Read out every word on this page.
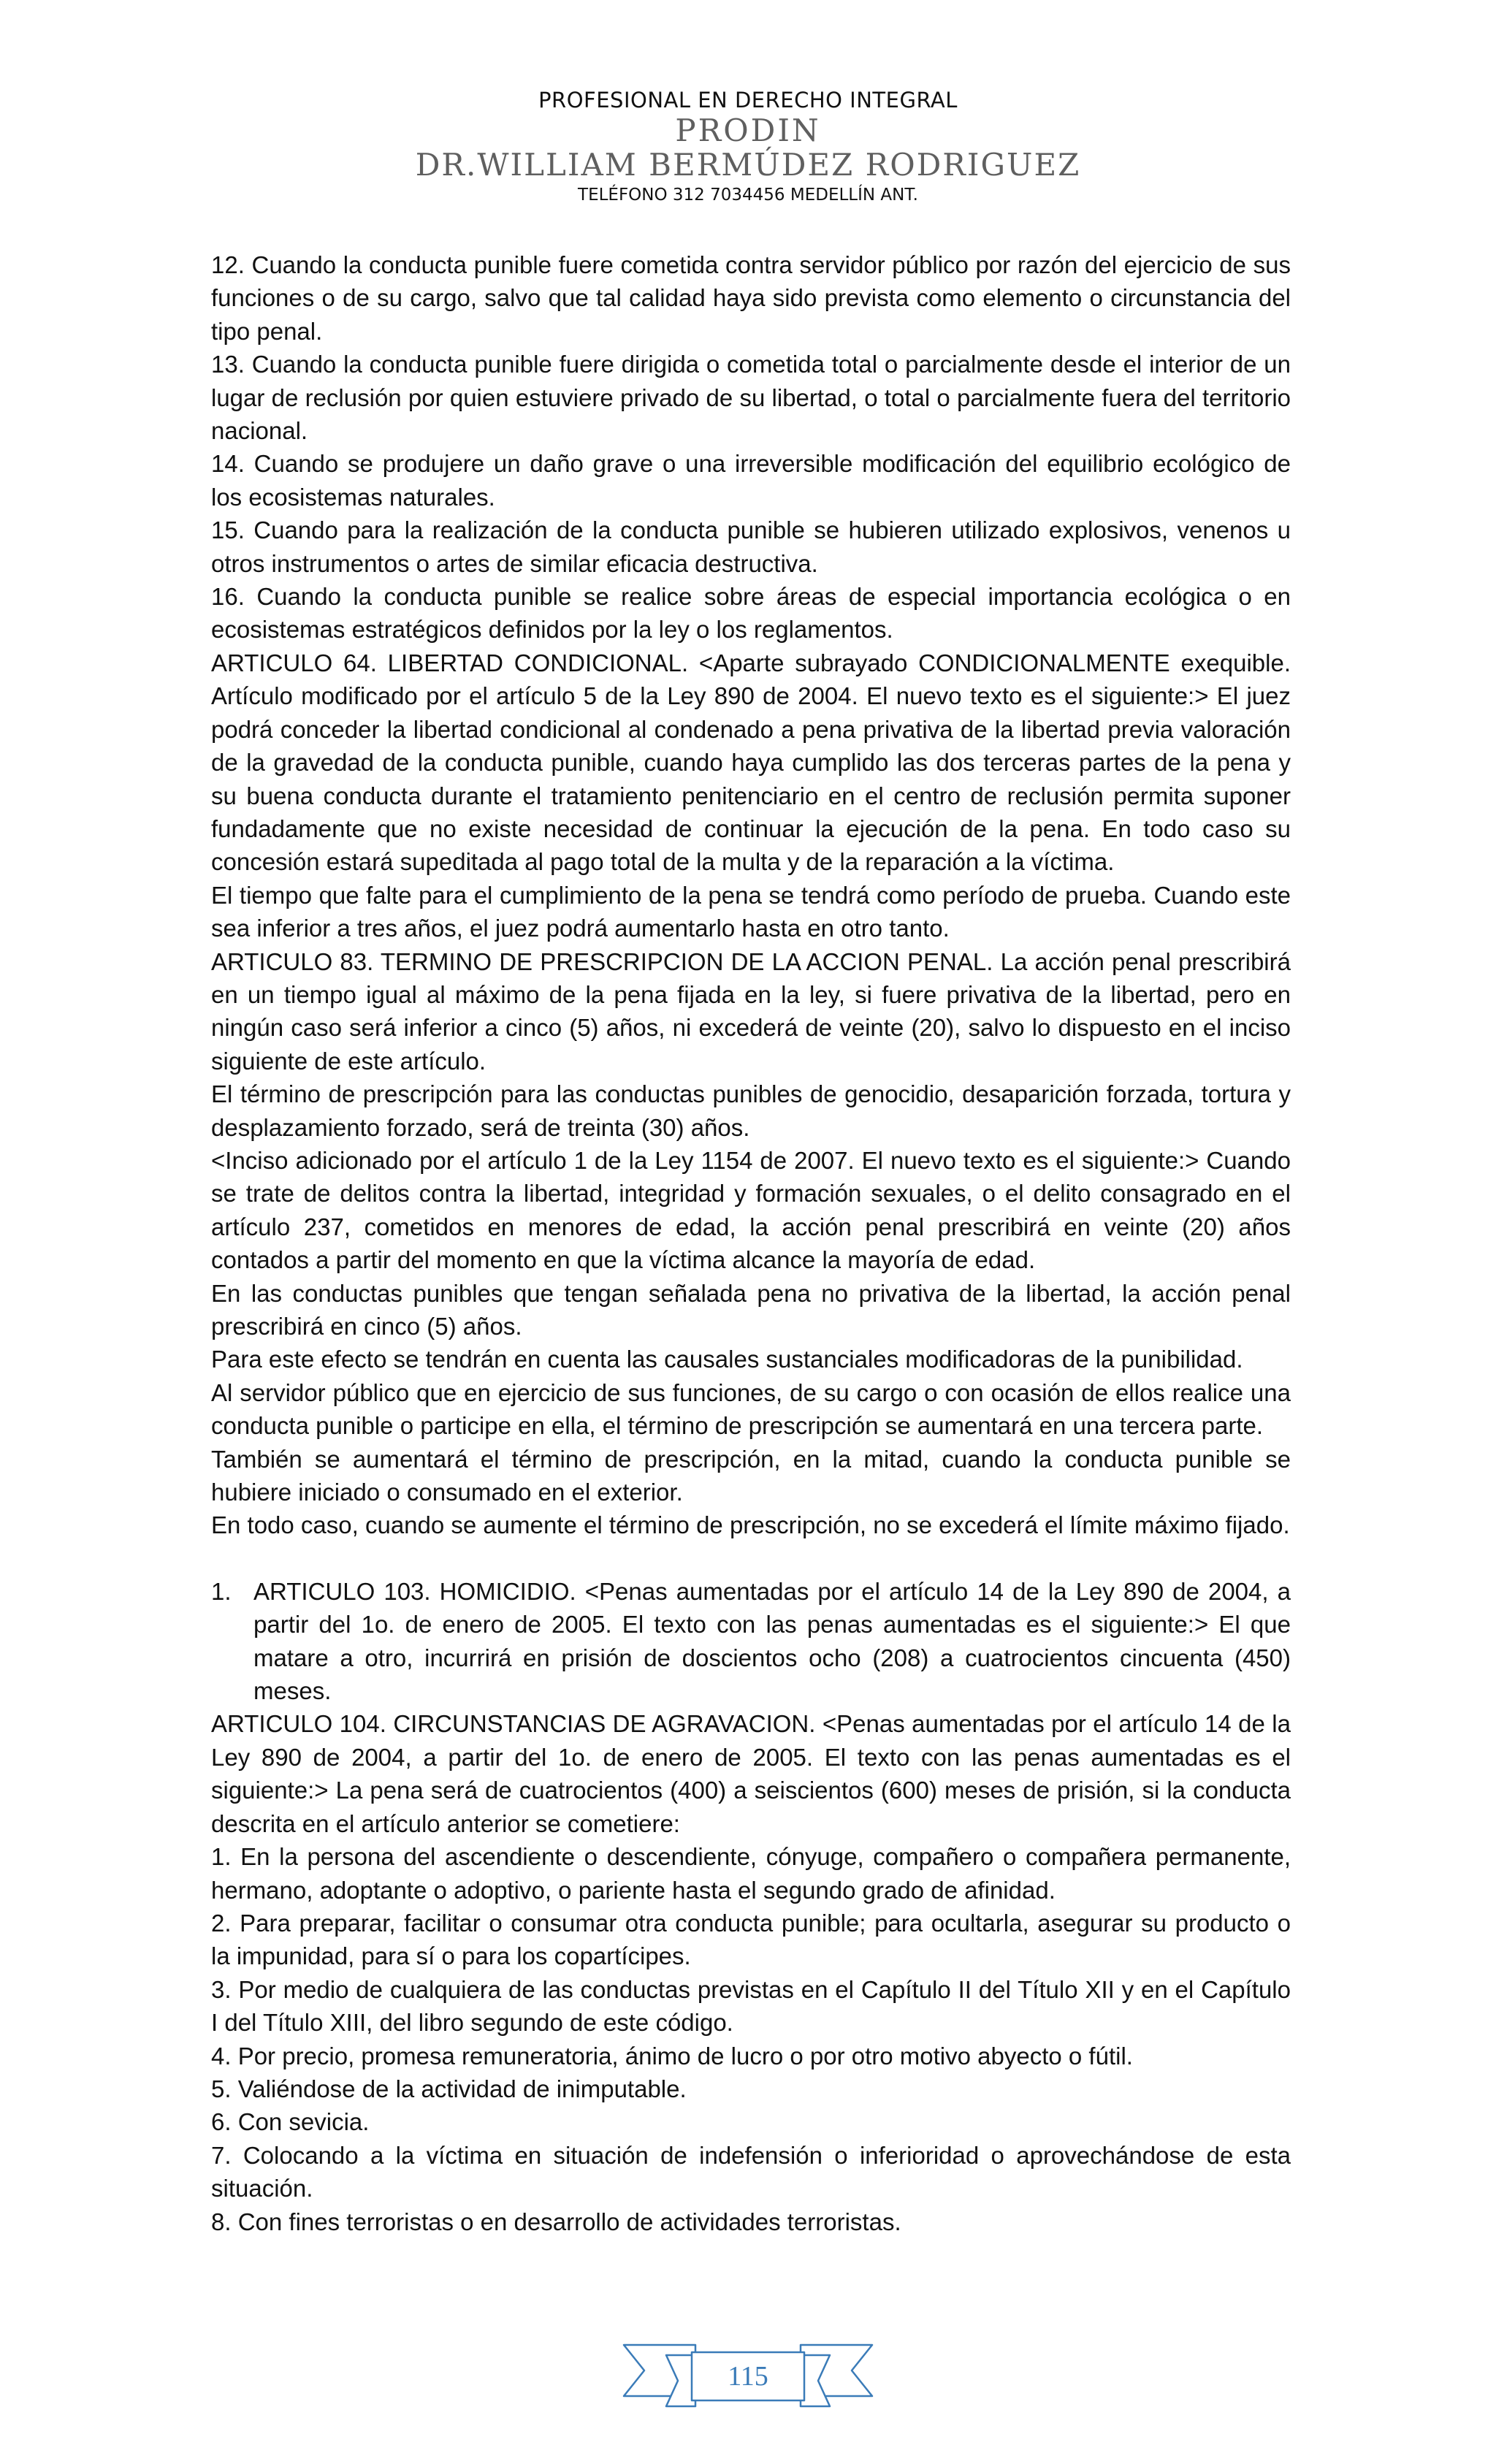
PROFESIONAL EN DERECHO INTEGRAL
PRODIN
DR.WILLIAM BERMÚDEZ RODRIGUEZ
TELÉFONO 312 7034456 MEDELLÍN ANT.

12. Cuando la conducta punible fuere cometida contra servidor público por razón del ejercicio de sus funciones o de su cargo, salvo que tal calidad haya sido prevista como elemento o circunstancia del tipo penal.

13. Cuando la conducta punible fuere dirigida o cometida total o parcialmente desde el interior de un lugar de reclusión por quien estuviere privado de su libertad, o total o parcialmente fuera del territorio nacional.

14. Cuando se produjere un daño grave o una irreversible modificación del equilibrio ecológico de los ecosistemas naturales.

15. Cuando para la realización de la conducta punible se hubieren utilizado explosivos, venenos u otros instrumentos o artes de similar eficacia destructiva.

16. Cuando la conducta punible se realice sobre áreas de especial importancia ecológica o en ecosistemas estratégicos definidos por la ley o los reglamentos.

ARTICULO 64. LIBERTAD CONDICIONAL. <Aparte subrayado CONDICIONALMENTE exequible. Artículo modificado por el artículo 5 de la Ley 890 de 2004. El nuevo texto es el siguiente:> El juez podrá conceder la libertad condicional al condenado a pena privativa de la libertad previa valoración de la gravedad de la conducta punible, cuando haya cumplido las dos terceras partes de la pena y su buena conducta durante el tratamiento penitenciario en el centro de reclusión permita suponer fundadamente que no existe necesidad de continuar la ejecución de la pena. En todo caso su concesión estará supeditada al pago total de la multa y de la reparación a la víctima.

El tiempo que falte para el cumplimiento de la pena se tendrá como período de prueba. Cuando este sea inferior a tres años, el juez podrá aumentarlo hasta en otro tanto.

ARTICULO 83. TERMINO DE PRESCRIPCION DE LA ACCION PENAL. La acción penal prescribirá en un tiempo igual al máximo de la pena fijada en la ley, si fuere privativa de la libertad, pero en ningún caso será inferior a cinco (5) años, ni excederá de veinte (20), salvo lo dispuesto en el inciso siguiente de este artículo.

El término de prescripción para las conductas punibles de genocidio, desaparición forzada, tortura y desplazamiento forzado, será de treinta (30) años.

<Inciso adicionado por el artículo 1 de la Ley 1154 de 2007. El nuevo texto es el siguiente:> Cuando se trate de delitos contra la libertad, integridad y formación sexuales, o el delito consagrado en el artículo 237, cometidos en menores de edad, la acción penal prescribirá en veinte (20) años contados a partir del momento en que la víctima alcance la mayoría de edad.

En las conductas punibles que tengan señalada pena no privativa de la libertad, la acción penal prescribirá en cinco (5) años.

Para este efecto se tendrán en cuenta las causales sustanciales modificadoras de la punibilidad.

Al servidor público que en ejercicio de sus funciones, de su cargo o con ocasión de ellos realice una conducta punible o participe en ella, el término de prescripción se aumentará en una tercera parte.

También se aumentará el término de prescripción, en la mitad, cuando la conducta punible se hubiere iniciado o consumado en el exterior.

En todo caso, cuando se aumente el término de prescripción, no se excederá el límite máximo fijado.

1. ARTICULO 103. HOMICIDIO. <Penas aumentadas por el artículo 14 de la Ley 890 de 2004, a partir del 1o. de enero de 2005. El texto con las penas aumentadas es el siguiente:> El que matare a otro, incurrirá en prisión de doscientos ocho (208) a cuatrocientos cincuenta (450) meses.

ARTICULO 104. CIRCUNSTANCIAS DE AGRAVACION. <Penas aumentadas por el artículo 14 de la Ley 890 de 2004, a partir del 1o. de enero de 2005. El texto con las penas aumentadas es el siguiente:> La pena será de cuatrocientos (400) a seiscientos (600) meses de prisión, si la conducta descrita en el artículo anterior se cometiere:

1. En la persona del ascendiente o descendiente, cónyuge, compañero o compañera permanente, hermano, adoptante o adoptivo, o pariente hasta el segundo grado de afinidad.

2. Para preparar, facilitar o consumar otra conducta punible; para ocultarla, asegurar su producto o la impunidad, para sí o para los copartícipes.

3. Por medio de cualquiera de las conductas previstas en el Capítulo II del Título XII y en el Capítulo I del Título XIII, del libro segundo de este código.

4. Por precio, promesa remuneratoria, ánimo de lucro o por otro motivo abyecto o fútil.

5. Valiéndose de la actividad de inimputable.

6. Con sevicia.

7. Colocando a la víctima en situación de indefensión o inferioridad o aprovechándose de esta situación.

8. Con fines terroristas o en desarrollo de actividades terroristas.

115
